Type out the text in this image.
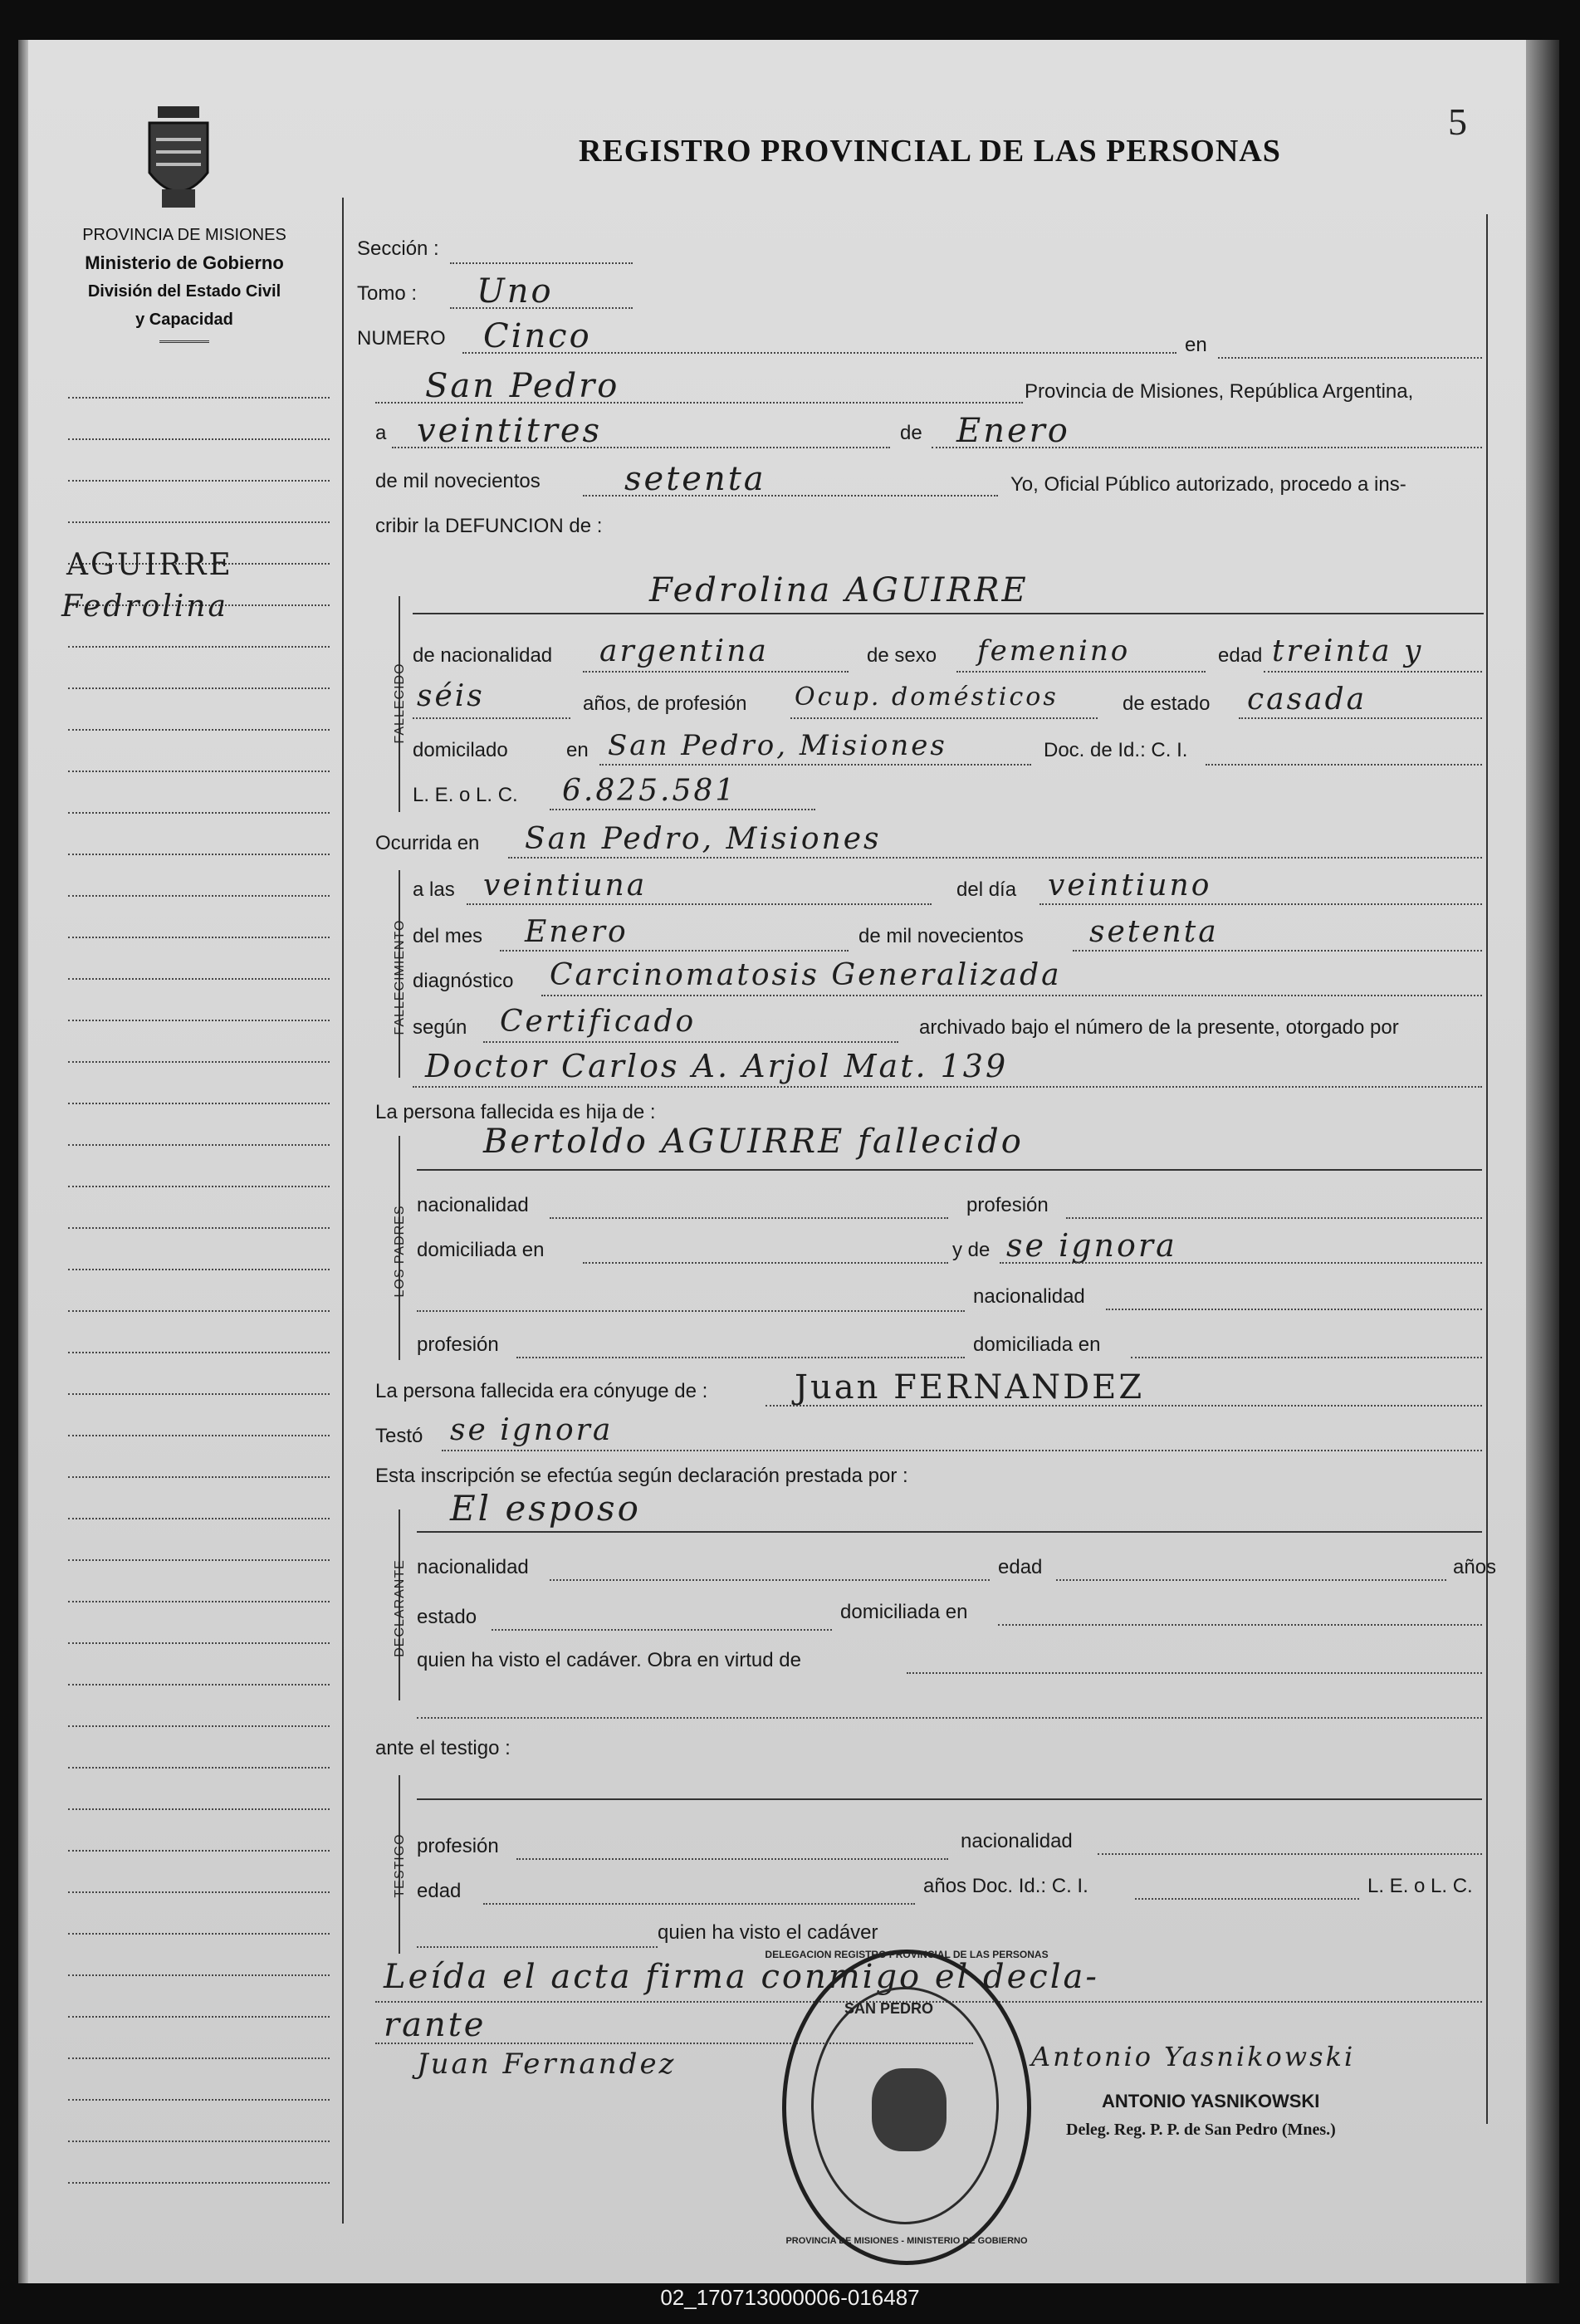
PROVINCIA DE MISIONES
Ministerio de Gobierno
División del Estado Civil
y Capacidad
REGISTRO PROVINCIAL DE LAS PERSONAS
5
AGUIRRE
Fedrolina
Sección :
Tomo : Uno
NUMERO Cinco	en
San Pedro	Provincia de Misiones, República Argentina,
a veintitres	de Enero
de mil novecientos	setenta	Yo, Oficial Público autorizado, procedo a ins-
cribir la DEFUNCION de :
FALLECIDO
Fedrolina AGUIRRE
de nacionalidad argentina	de sexo femenino	edad treinta y
séis	años, de profesión Ocup. domésticos	de estado casada
domicilado	en San Pedro, Misiones	Doc. de Id.: C. I.
L. E. o L. C. 6.825.581
Ocurrida en San Pedro, Misiones
FALLECIMIENTO
a las veintiuna	del día veintiuno
del mes Enero	de mil novecientos setenta
diagnóstico Carcinomatosis Generalizada
según Certificado	archivado bajo el número de la presente, otorgado por
Doctor Carlos A. Arjol Mat. 139
La persona fallecida es hija de :
LOS PADRES
Bertoldo AGUIRRE fallecido
nacionalidad	profesión
domiciliada en	y de se ignora
nacionalidad
profesión	domiciliada en
La persona fallecida era cónyuge de :	Juan FERNANDEZ
Testó se ignora
Esta inscripción se efectúa según declaración prestada por :
DECLARANTE
El esposo
nacionalidad	edad	años
estado	domiciliada en
quien ha visto el cadáver. Obra en virtud de
ante el testigo :
TESTIGO profesión	nacionalidad
edad	años Doc. Id.: C. I.	L. E. o L. C.
quien ha visto el cadáver
Leída el acta firma conmigo el decla-
rante
Juan Fernandez	Antonio Yasnikowski
ANTONIO YASNIKOWSKI
Deleg. Reg. P. P. de San Pedro (Mnes.)
DELEGACION REGISTRO PROVINCIAL DE LAS PERSONAS
SAN PEDRO
PROVINCIA DE MISIONES - MINISTERIO DE GOBIERNO
02_170713000006-016487
